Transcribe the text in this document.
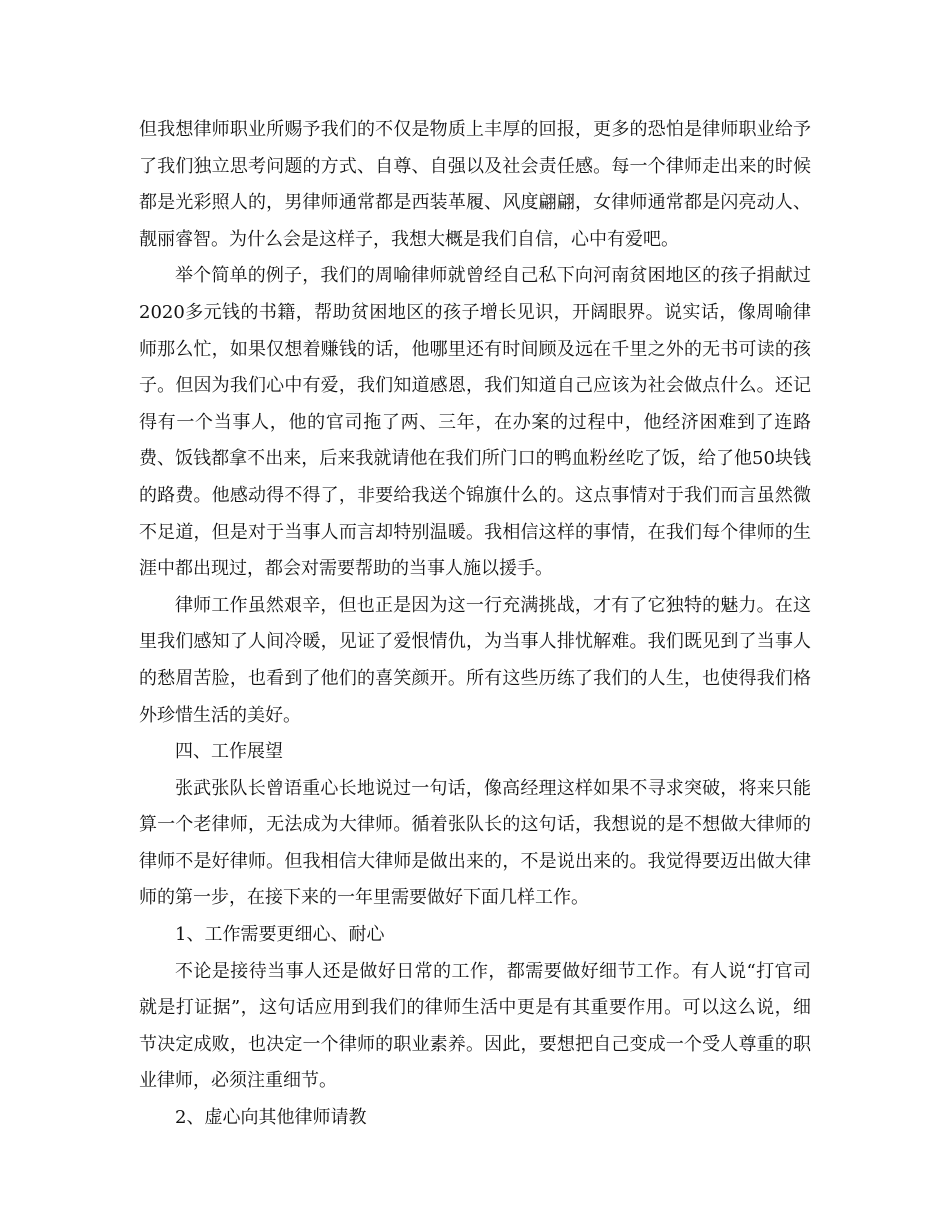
但我想律师职业所赐予我们的不仅是物质上丰厚的回报，更多的恐怕是律师职业给予了我们独立思考问题的方式、自尊、自强以及社会责任感。每一个律师走出来的时候都是光彩照人的，男律师通常都是西装革履、风度翩翩，女律师通常都是闪亮动人、靓丽睿智。为什么会是这样子，我想大概是我们自信，心中有爱吧。

举个简单的例子，我们的周喻律师就曾经自己私下向河南贫困地区的孩子捐献过2020多元钱的书籍，帮助贫困地区的孩子增长见识，开阔眼界。说实话，像周喻律师那么忙，如果仅想着赚钱的话，他哪里还有时间顾及远在千里之外的无书可读的孩子。但因为我们心中有爱，我们知道感恩，我们知道自己应该为社会做点什么。还记得有一个当事人，他的官司拖了两、三年，在办案的过程中，他经济困难到了连路费、饭钱都拿不出来，后来我就请他在我们所门口的鸭血粉丝吃了饭，给了他50块钱的路费。他感动得不得了，非要给我送个锦旗什么的。这点事情对于我们而言虽然微不足道，但是对于当事人而言却特别温暖。我相信这样的事情，在我们每个律师的生涯中都出现过，都会对需要帮助的当事人施以援手。

律师工作虽然艰辛，但也正是因为这一行充满挑战，才有了它独特的魅力。在这里我们感知了人间冷暖，见证了爱恨情仇，为当事人排忧解难。我们既见到了当事人的愁眉苦脸，也看到了他们的喜笑颜开。所有这些历练了我们的人生，也使得我们格外珍惜生活的美好。

四、工作展望

张武张队长曾语重心长地说过一句话，像高经理这样如果不寻求突破，将来只能算一个老律师，无法成为大律师。循着张队长的这句话，我想说的是不想做大律师的律师不是好律师。但我相信大律师是做出来的，不是说出来的。我觉得要迈出做大律师的第一步，在接下来的一年里需要做好下面几样工作。

1、工作需要更细心、耐心

不论是接待当事人还是做好日常的工作，都需要做好细节工作。有人说“打官司就是打证据”，这句话应用到我们的律师生活中更是有其重要作用。可以这么说，细节决定成败，也决定一个律师的职业素养。因此，要想把自己变成一个受人尊重的职业律师，必须注重细节。

2、虚心向其他律师请教
